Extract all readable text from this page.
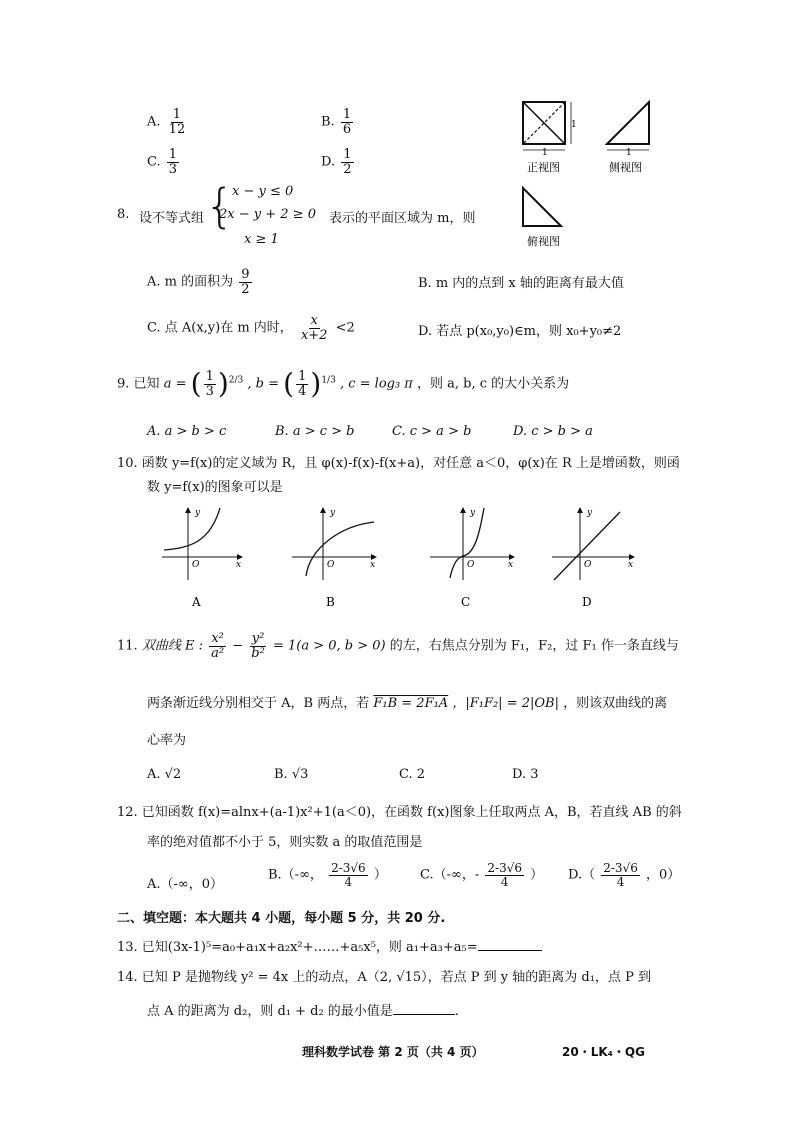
A. $\frac{1}{12}$	B. $\frac{1}{6}$
C. $\frac{1}{3}$	D. $\frac{1}{2}$
1
1
正视图
1
侧视图
俯视图
8. 设不等式组 {
x − y ≤ 0
2x − y + 2 ≥ 0
x ≥ 1
表示的平面区域为 m，则
A. m 的面积为 $\frac{9}{2}$	B. m 内的点到 x 轴的距离有最大值
C. 点 A(x,y)在 m 内时， $\frac{x}{x+2} <2$	D. 若点 p(x₀,y₀)∈m，则 x₀+y₀≠2
9. 已知 a = ( $\frac{1}{3} )^{2/3}$ , b = ( $\frac{1}{4} )^{1/3}$ , c = log₃ π ，则 a, b, c 的大小关系为
A. a > b > c	B. a > c > b	C. c > a > b	D. c > b > a
10. 函数 y=f(x)的定义域为 R，且 φ(x)-f(x)-f(x+a)，对任意 a＜0，φ(x)在 R 上是增函数，则函
数 y=f(x)的图象可以是
y
x
O
A
y
x
O
B
y
x
O
C
y
x
O
D
11. 双曲线 E : $\frac{\text{x²}}{\text{a²}} - \frac{\text{y²}}{\text{b²}} = 1(a > 0$, b > 0) 的左，右焦点分别为 F₁，F₂，过 F₁ 作一条直线与
两条渐近线分别相交于 A，B 两点，若 F₁B = 2F₁A ，|F₁F₂| = 2|OB| ，则该双曲线的离
心率为
A. √2	B. √3	C. 2	D. 3
12. 已知函数 f(x)=alnx+(a-1)x²+1(a＜0)，在函数 f(x)图象上任取两点 A，B，若直线 AB 的斜
率的绝对值都不小于 5，则实数 a 的取值范围是
A.（-∞，0）
B.（-∞， $\frac{2-3√6}{4}$ ）	C.（-∞，- $\frac{2-3√6}{4}$ ） $D.( \frac{2-3√6}{4}$ ，0）
二、填空题：本大题共 4 小题，每小题 5 分，共 20 分.
13. 已知(3x-1)⁵=a₀+a₁x+a₂x²+……+a₅x⁵，则 a₁+a₃+a₅=
14. 已知 P 是抛物线 y² = 4x 上的动点，A（2, √15），若点 P 到 y 轴的距离为 d₁，点 P 到
点 A 的距离为 d₂，则 d₁ + d₂ 的最小值是	.
理科数学试卷 第 2 页（共 4 页）	20・LK₄・QG
